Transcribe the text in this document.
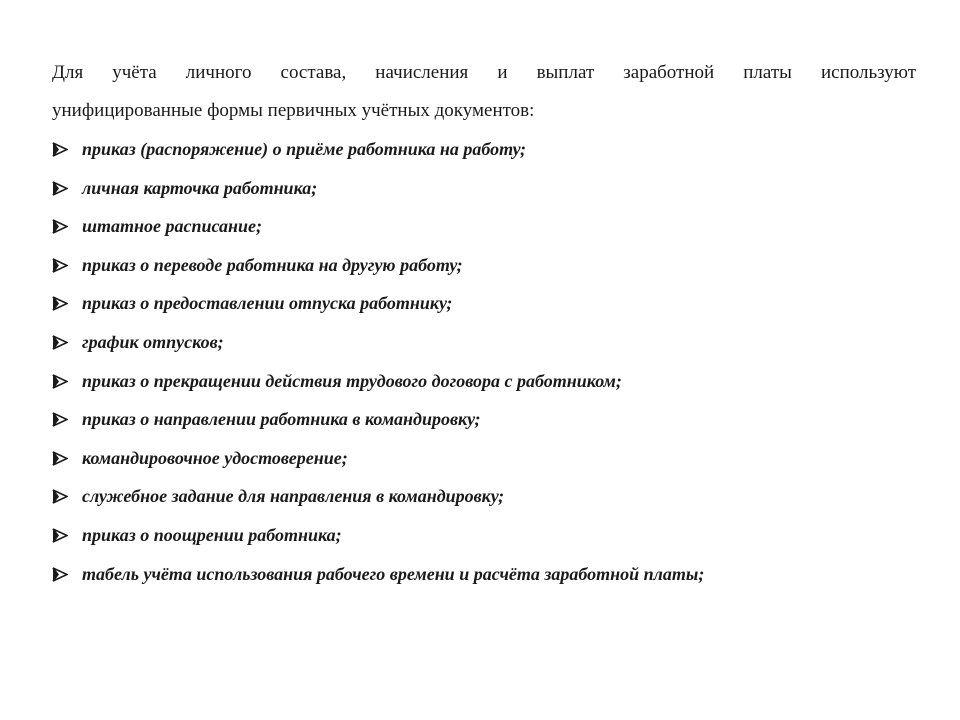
Для учёта личного состава, начисления и выплат заработной платы используют
унифицированные формы первичных учётных документов:

приказ (распоряжение) о приёме работника на работу;
личная карточка работника;
штатное расписание;
приказ о переводе работника на другую работу;
приказ о предоставлении отпуска работнику;
график отпусков;
приказ о прекращении действия трудового договора с работником;
приказ о направлении работника в командировку;
командировочное удостоверение;
служебное задание для направления в командировку;
приказ о поощрении работника;
табель учёта использования рабочего времени и расчёта заработной платы;
